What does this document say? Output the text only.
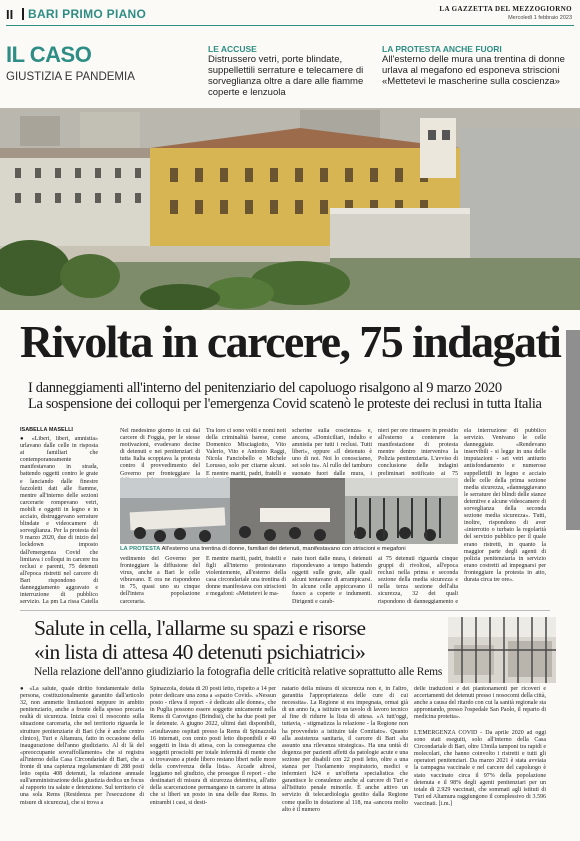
II BARI PRIMO PIANO	LA GAZZETTA DEL MEZZOGIORNO
Mercoledì 1 febbraio 2023
IL CASO
GIUSTIZIA E PANDEMIA
LE ACCUSE
Distrussero vetri, porte blindate, suppellettili serrature e telecamere di sorveglianza oltre a dare alle fiamme coperte e lenzuola
LA PROTESTA ANCHE FUORI
All'esterno delle mura una trentina di donne urlava al megafono ed esponeva striscioni «Mettetevi le mascherine sulla coscienza»
Rivolta in carcere, 75 indagati
I danneggiamenti all'interno del penitenziario del capoluogo risalgono al 9 marzo 2020
La sospensione dei colloqui per l'emergenza Covid scatenò le proteste dei reclusi in tutta Italia
ISABELLA MASELLI
● «Liberi, liberi, amnistia» urlavano dalle celle in risposta ai familiari che contemporaneamente manifestavano in strada, battendo oggetti contro le grate e lanciando dalle finestre fazzoletti dati alle fiamme, mentre all'interno delle sezioni carcerarie rompevano vetri, mobili e oggetti in legno e in acciaio, distruggevano serrature blindate e videocamere di sorveglianza. Per la protesta del 9 marzo 2020, due di inizio del lockdown imposto dall'emergenza Covid che limitava i colloqui in carcere tra reclusi e parenti, 75 detenuti all'epoca ristretti nel carcere di Bari rispondono di danneggiamento aggravato e interruzione di pubblico servizio. La pm La rissa Catella
Nel medesimo giorno in cui dal carcere di Foggia, per le stesse motivazioni, evadevano decine di detenuti e nei penitenziari di tutta Italia scoppiava la protesta contro il provvedimento del Governo per fronteggiare la
Tra loro ci sono volti e nomi noti della criminalità barese, come Domenico Misciagiotto, Vito Valerio, Vito e Antonio Raggi, Nicola Fanciobello e Michele Lorusso, solo per citarne alcuni. E mentre mariti, padri, fratelli e
scherine sulla coscienza» e, ancora, «Domiciliari, indulto e amnistia per tutti i reclusi. Tutti liberi», oppure «Il detenuto è uno di noi. Noi lo conosciamo, sei solo tu». Al rullo del tamburo suonato fuori dalle mura, i
nieri per ore rimasero in presidio all'esterno a contenere la manifestazione di protesta mentre dentro interveniva la Polizia penitenziaria. L'avviso di conclusione delle indagini preliminari notificato ai 75
ela interruzione di pubblico servizio. Venivano le celle danneggiate. «Rendevano inservibili - si legge in una delle imputazioni - sei vetri antiurto antisfondamento e numerose suppellettili in legno e acciaio delle celle della prima sezione media sicurezza, «danneggiavano le serrature dei blindi delle stanze detentive e alcune videocamere di sorveglianza della seconda sezione media sicurezza». Tutti, inoltre, rispondono di aver «interrotto o turbato la regolarità del servizio pubblico per il quale erano ristretti, in quanto la maggior parte degli agenti di polizia penitenziaria in servizio erano costretti ad impegnarsi per fronteggiare la protesta in atto, durata circa tre ore».
LA PROTESTA All'esterno una trentina di donne, familiari dei detenuti, manifestavano con striscioni e megafoni
vedimento del Governo per fronteggiare la diffusione del virus, anche a Bari le celle vibravano. E ora ne rispondono in 75, quasi uno su cinque dell'intera popolazione carceraria.
E mentre mariti, padri, fratelli e figli all'interno protestavano violentemente, all'esterno della casa circondariale una trentina di donne manifestava con striscioni e megafoni: «Mettetevi le ma-
nato fuori dalle mura, i detenuti rispondevano a tempo battendo oggetti sulle grate, alle quali alcuni tentavano di arrampicarsi. In alcune celle appiccavano il fuoco a coperte e indumenti. Dirigenti e carab-
ai 75 detenuti riguarda cinque gruppi di rivoltosi, all'epoca reclusi nella prima e seconda sezione della media sicurezza e nella terza sezione dell'alta sicurezza, 32 dei quali rispondono di danneggiamento e
Salute in cella, l'allarme su spazi e risorse
«in lista di attesa 40 detenuti psichiatrici»
Nella relazione dell'anno giudiziario la fotografia delle criticità relative soprattutto alle Rems
● «La salute, quale diritto fondamentale della persona, costituzionalmente garantito dall'articolo 32, non ammette limitazioni neppure in ambito penitenziario, anche a fronte della spesso precaria realtà di sicurezza. Inizia così il resoconto sulla situazione carceraria, che nel territorio riguarda le strutture penitenziarie di Bari (che è anche centro clinico), Turi e Altamura, fatto in occasione della inaugurazione dell'anno giudiziario. Al di là del «preoccupante sovraffollamento» che si registra all'interno della Casa Circondariale di Bari, che a fronte di una capienza regolamentare di 288 posti letto ospita 408 detenuti, la relazione annuale sull'amministrazione della giustizia dedica un focus al rapporto tra salute e detenzione. Sul territorio c'è una sola Rems (Residenza per l'esecuzione di misure di sicurezza), che si trova a
Spinazzola, dotata di 20 posti letto, rispetto a 14 per poter dedicare una zona a «spazio Covid». «Nessun posto - rileva il report - è dedicato alle donne», che in Puglia possono essere soggette unicamente nella Rems di Carovigno (Brindisi), che ha due posti per le detenute. A giugno 2022, ultimi dati disponibili, «risultavano ospitati presso la Rems di Spinazzola 16 internati, con cento posti letto disponibili e 40 soggetti in lista di attesa, con la conseguenza che soggetti prosciolti per totale infermità di mente che si trovavano a piede libero restano liberi nelle more della convivenza della lista». Accade altresì, leggiamo nel giudizio, che prosegue il report - che destinatari di misura di sicurezza detentiva, all'atto della scarcerazione permangano in carcere in attesa che si liberi un posto in una delle due Rems. In entrambi i casi, si desti-
natario della misura di sicurezza non è, in l'altro, garantita l'appropriatezza delle cure di cui necessita». La Regione si era impegnata, ormai già di un anno fa, a istituire un tavolo di lavoro tecnico al fine di ridurre la lista di attesa. «A tutt'oggi, tuttavia, - stigmatizza la relazione - la Regione non ha provveduto a istituire tale Comitato». Quanto alla assistenza sanitaria, il carcere di Bari «ha assunto una rilevanza strategica». Ha una unità di degenza per pazienti affetti da patologie acute e una sezione per disabili con 22 posti letto, oltre a una stanza per l'isolamento respiratorio, medici e infermieri h24 e un'offerta specialistica che garantisce le consulenze anche al carcere di Turi e all'Istituto penale minorile. È anche attivo un servizio di telecardiologia gestito dalla Regione come quello in dotazione al 118, ma «ancora molto alto è il numero
delle traduzioni e dei piantonamenti per ricoveri e accertamenti dei detenuti presso i nosocomi della città, anche a causa del ritardo con cui la sanità regionale sta approntando, presso l'ospedale San Paolo, il reparto di medicina protetta».
L'EMERGENZA COVID - Da aprile 2020 ad oggi sono stati eseguiti, solo all'interno della Casa Circondariale di Bari, oltre 13mila tamponi tra rapidi e molecolari, che hanno coinvolto i ristretti e tutti gli operatori penitenziari. Da marzo 2021 è stata avviata la campagna vaccinale e nel carcere del capoluogo è stato vaccinato circa il 97% della popolazione detenuta e il 98% degli agenti penitenziari per un totale di 2.929 vaccinati, che sommati agli istituti di Turi ed Altamura raggiungono il complessivo di 3.596 vaccinati. [i.m.]
